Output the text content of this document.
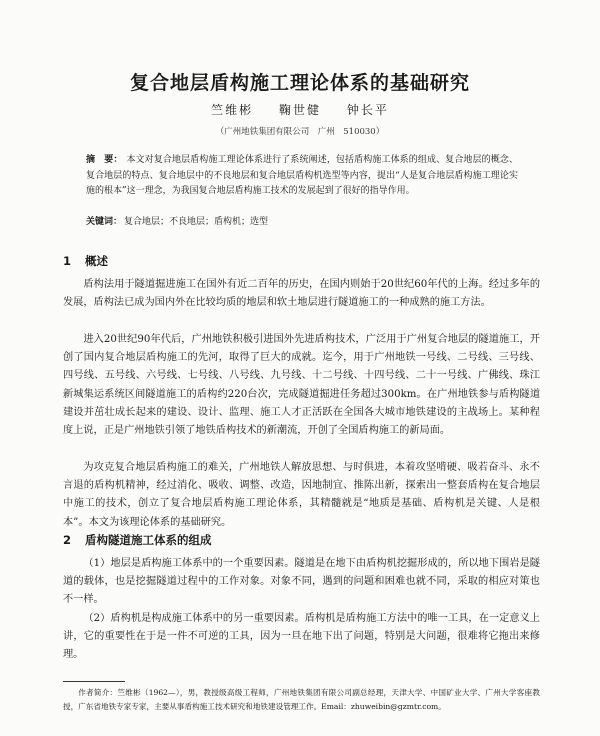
复合地层盾构施工理论体系的基础研究
竺维彬 鞠世健 钟长平
（广州地铁集团有限公司　广州　510030）
摘　要： 本文对复合地层盾构施工理论体系进行了系统阐述，包括盾构施工体系的组成、复合地层的概念、复合地层的特点、复合地层中的不良地层和复合地层盾构机选型等内容，提出“人是复合地层盾构施工理论实施的根本”这一理念，为我国复合地层盾构施工技术的发展起到了很好的指导作用。
关键词： 复合地层；不良地层；盾构机；选型
1 概述

盾构法用于隧道掘进施工在国外有近二百年的历史，在国内则始于20世纪60年代的上海。经过多年的发展，盾构法已成为国内外在比较均质的地层和软土地层进行隧道施工的一种成熟的施工方法。

进入20世纪90年代后，广州地铁积极引进国外先进盾构技术，广泛用于广州复合地层的隧道施工，开创了国内复合地层盾构施工的先河，取得了巨大的成就。迄今，用于广州地铁一号线、二号线、三号线、四号线、五号线、六号线、七号线、八号线、九号线、十二号线、十四号线、二十一号线、广佛线、珠江新城集运系统区间隧道施工的盾构约220台次，完成隧道掘进任务超过300km。在广州地铁参与盾构隧道建设并茁壮成长起来的建设、设计、监理、施工人才正活跃在全国各大城市地铁建设的主战场上。某种程度上说，正是广州地铁引领了地铁盾构技术的新潮流，开创了全国盾构施工的新局面。

为攻克复合地层盾构施工的难关，广州地铁人解放思想、与时俱进，本着攻坚啃硬、吸若奋斗、永不言退的盾构机精神，经过消化、吸收、调整、改造，因地制宜、推陈出新，探索出一整套盾构在复合地层中施工的技术，创立了复合地层盾构施工理论体系，其精髓就是“地质是基础、盾构机是关键、人是根本”。本文为该理论体系的基础研究。

2 盾构隧道施工体系的组成

（1）地层是盾构施工体系中的一个重要因素。隧道是在地下由盾构机挖掘形成的，所以地下围岩是隧道的载体，也是挖掘隧道过程中的工作对象。对象不同，遇到的问题和困难也就不同，采取的相应对策也不一样。

（2）盾构机是构成施工体系中的另一重要因素。盾构机是盾构施工方法中的唯一工具，在一定意义上讲，它的重要性在于是一件不可逆的工具，因为一旦在地下出了问题，特别是大问题，很难将它拖出来修理。

作者简介：竺维彬（1962—），男，教授级高级工程师，广州地铁集团有限公司副总经理，天津大学、中国矿业大学、广州大学客座教授，广东省地铁专家专家，主要从事盾构施工技术研究和地铁建设管理工作。Email：zhuweibin@gzmtr.com。
